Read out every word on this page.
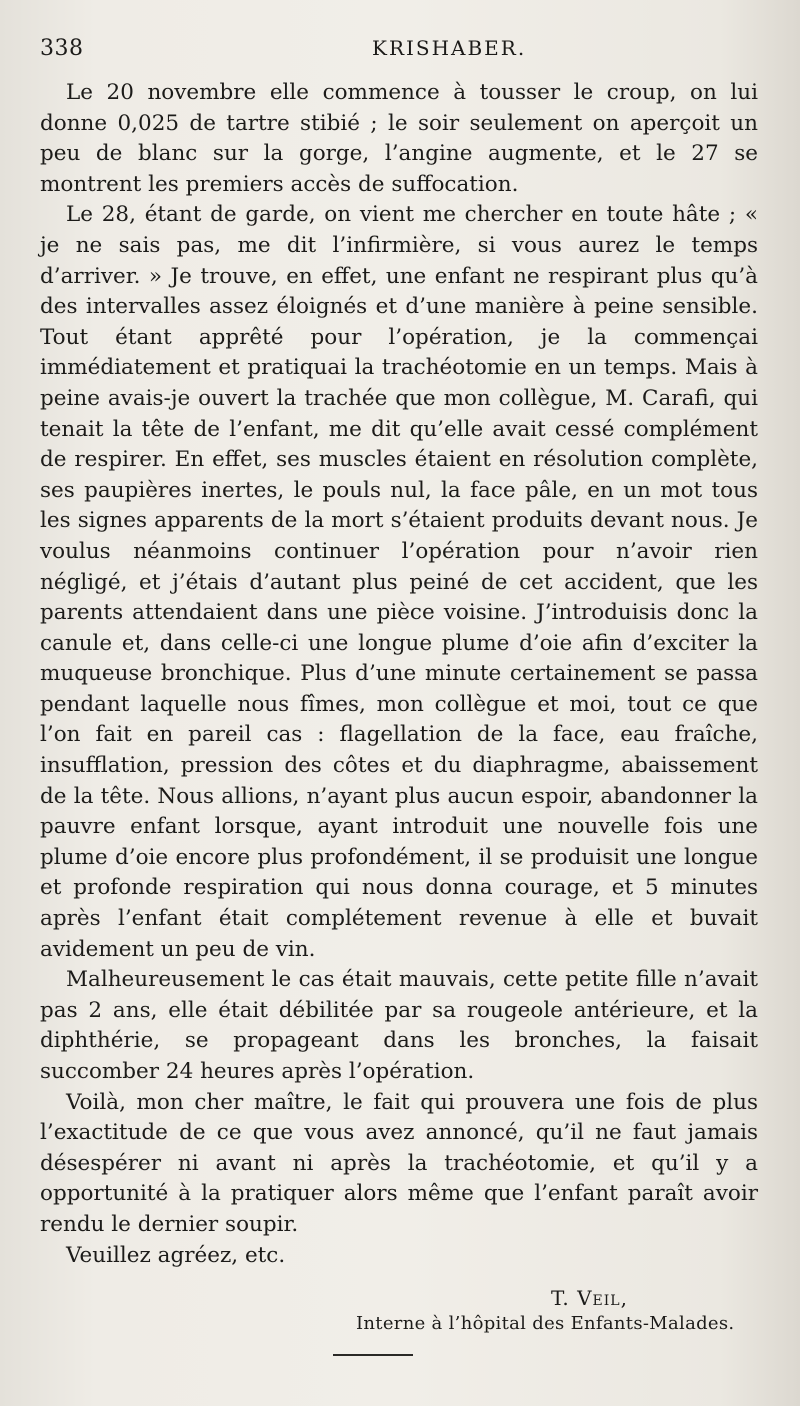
338	KRISHABER.

Le 20 novembre elle commence à tousser le croup, on lui donne 0,025 de tartre stibié ; le soir seulement on aperçoit un peu de blanc sur la gorge, l’angine augmente, et le 27 se montrent les premiers accès de suffocation.

Le 28, étant de garde, on vient me chercher en toute hâte ; « je ne sais pas, me dit l’infirmière, si vous aurez le temps d’arriver. » Je trouve, en effet, une enfant ne respirant plus qu’à des intervalles assez éloignés et d’une manière à peine sensible. Tout étant apprêté pour l’opération, je la commençai immédiatement et pratiquai la trachéotomie en un temps. Mais à peine avais-je ouvert la trachée que mon collègue, M. Carafi, qui tenait la tête de l’enfant, me dit qu’elle avait cessé complément de respirer. En effet, ses muscles étaient en résolution complète, ses paupières inertes, le pouls nul, la face pâle, en un mot tous les signes apparents de la mort s’étaient produits devant nous. Je voulus néanmoins continuer l’opération pour n’avoir rien négligé, et j’étais d’autant plus peiné de cet accident, que les parents attendaient dans une pièce voisine. J’introduisis donc la canule et, dans celle-ci une longue plume d’oie afin d’exciter la muqueuse bronchique. Plus d’une minute certainement se passa pendant laquelle nous fîmes, mon collègue et moi, tout ce que l’on fait en pareil cas : flagellation de la face, eau fraîche, insufflation, pression des côtes et du diaphragme, abaissement de la tête. Nous allions, n’ayant plus aucun espoir, abandonner la pauvre enfant lorsque, ayant introduit une nouvelle fois une plume d’oie encore plus profondément, il se produisit une longue et profonde respiration qui nous donna courage, et 5 minutes après l’enfant était complétement revenue à elle et buvait avidement un peu de vin.

Malheureusement le cas était mauvais, cette petite fille n’avait pas 2 ans, elle était débilitée par sa rougeole antérieure, et la diphthérie, se propageant dans les bronches, la faisait succomber 24 heures après l’opération.

Voilà, mon cher maître, le fait qui prouvera une fois de plus l’exactitude de ce que vous avez annoncé, qu’il ne faut jamais désespérer ni avant ni après la trachéotomie, et qu’il y a opportunité à la pratiquer alors même que l’enfant paraît avoir rendu le dernier soupir.

Veuillez agréez, etc.

T. Veil,
Interne à l’hôpital des Enfants-Malades.
